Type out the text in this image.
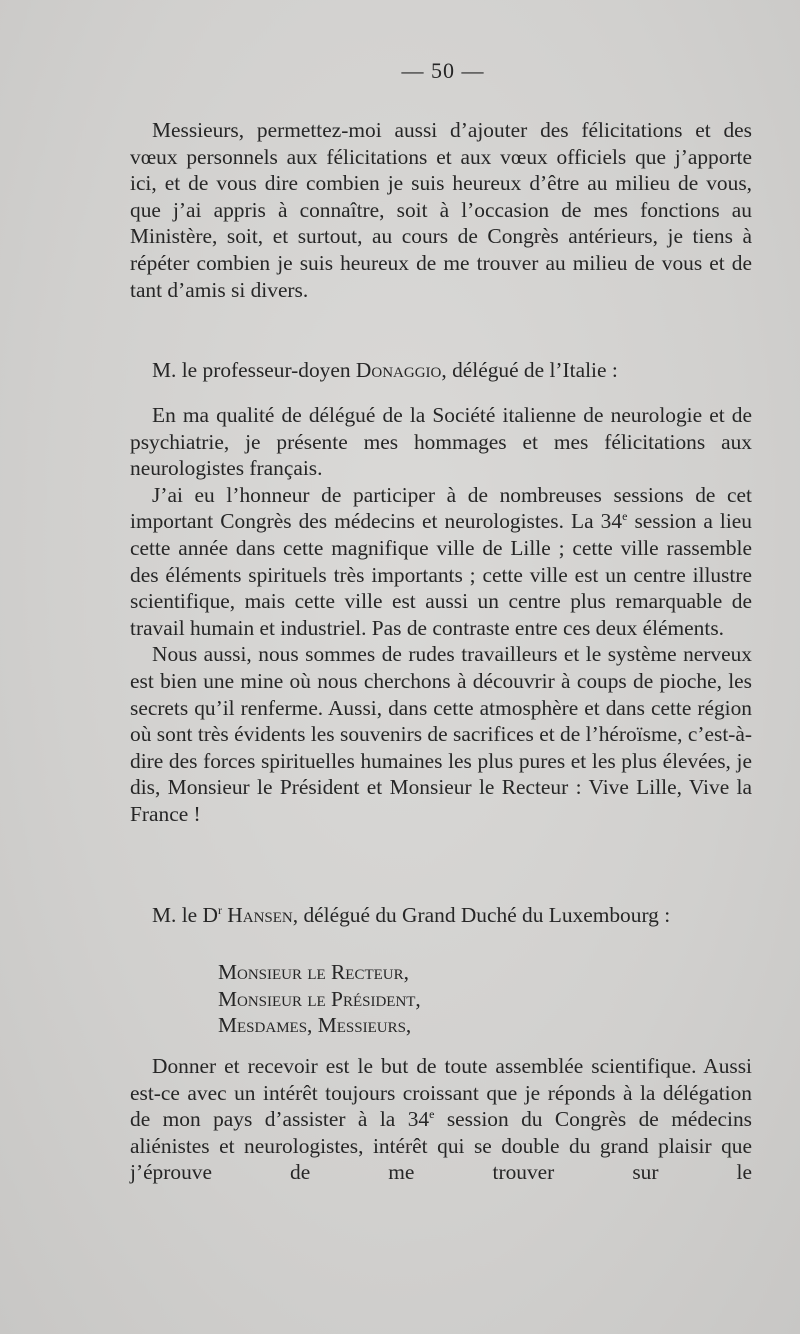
— 50 —

Messieurs, permettez-moi aussi d’ajouter des félicitations et des vœux personnels aux félicitations et aux vœux officiels que j’apporte ici, et de vous dire combien je suis heureux d’être au milieu de vous, que j’ai appris à connaître, soit à l’occasion de mes fonctions au Ministère, soit, et surtout, au cours de Congrès antérieurs, je tiens à répéter combien je suis heureux de me trouver au milieu de vous et de tant d’amis si divers.

M. le professeur-doyen Donaggio, délégué de l’Italie :

En ma qualité de délégué de la Société italienne de neurologie et de psychiatrie, je présente mes hommages et mes félicitations aux neurologistes français.

J’ai eu l’honneur de participer à de nombreuses sessions de cet important Congrès des médecins et neurologistes. La 34e session a lieu cette année dans cette magnifique ville de Lille ; cette ville rassemble des éléments spirituels très importants ; cette ville est un centre illustre scientifique, mais cette ville est aussi un centre plus remarquable de travail humain et industriel. Pas de contraste entre ces deux éléments.

Nous aussi, nous sommes de rudes travailleurs et le système nerveux est bien une mine où nous cherchons à découvrir à coups de pioche, les secrets qu’il renferme. Aussi, dans cette atmosphère et dans cette région où sont très évidents les souvenirs de sacrifices et de l’héroïsme, c’est-à-dire des forces spirituelles humaines les plus pures et les plus élevées, je dis, Monsieur le Président et Monsieur le Recteur : Vive Lille, Vive la France !

M. le $D^r$ Hansen, délégué du Grand Duché du Luxembourg :

Monsieur le Recteur,
Monsieur le Président,
Mesdames, Messieurs,

Donner et recevoir est le but de toute assemblée scientifique. Aussi est-ce avec un intérêt toujours croissant que je réponds à la délégation de mon pays d’assister à la 34e session du Congrès de médecins aliénistes et neurologistes, intérêt qui se double du grand plaisir que j’éprouve de me trouver sur le
